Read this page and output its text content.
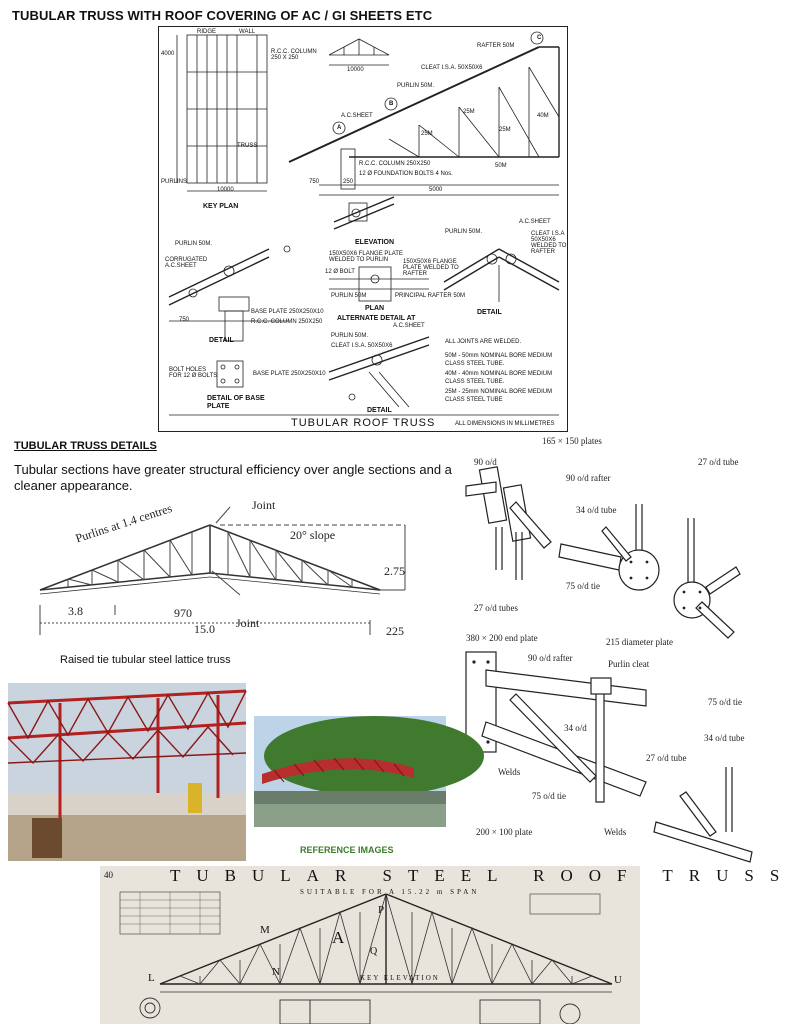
TUBULAR TRUSS WITH ROOF COVERING OF AC / GI SHEETS ETC
RIDGE	WALL
R.C.C. COLUMN 250 X 250
TRUSS
PURLINS
4000
10000
KEY PLAN
10000
C
B
A
RAFTER 50M
CLEAT I.S.A. 50X50X6
PURLIN 50M.
A.C.SHEET
25M
25M
25M
40M
50M
R.C.C. COLUMN 250X250
12 Ø FOUNDATION BOLTS 4 Nos.
750	250
5000
ELEVATION
150X50X6 FLANGE PLATE WELDED TO PURLIN	150X50X6 FLANGE PLATE WELDED TO RAFTER
12 Ø BOLT
PURLIN 50M	PRINCIPAL RAFTER 50M
PLAN
ALTERNATE DETAIL AT
PURLIN 50M.
CORRUGATED A.C.SHEET
BASE PLATE 250X250X10
R.C.C. COLUMN 250X250
750
DETAIL
A.C.SHEET
PURLIN 50M.	CLEAT I.S.A 50X50X6 WELDED TO RAFTER
DETAIL
BOLT HOLES FOR 12 Ø BOLTS	BASE PLATE 250X250X10
DETAIL OF BASE PLATE
PURLIN 50M.
A.C.SHEET
CLEAT I.S.A. 50X50X6
DETAIL
ALL JOINTS ARE WELDED.
50M - 50mm NOMINAL BORE MEDIUM CLASS STEEL TUBE.
40M - 40mm NOMINAL BORE MEDIUM CLASS STEEL TUBE.
25M - 25mm NOMINAL BORE MEDIUM CLASS STEEL TUBE
TUBULAR ROOF TRUSS	ALL DIMENSIONS IN MILLIMETRES
TUBULAR TRUSS DETAILS
Tubular sections have greater structural efficiency over angle sections and a cleaner appearance.
Joint
20° slope
Purlins at 1.4 centres
3.8	970
15.0 Joint
2.75
225
Raised tie tubular steel lattice truss
165 × 150 plates
90 o/d
90 o/d rafter
27 o/d tube
34 o/d tube
75 o/d tie
27 o/d tubes
215 diameter plate
75 o/d tie
380 × 200 end plate
90 o/d rafter
Purlin cleat
34 o/d
34 o/d tube
Welds
27 o/d tube
75 o/d tie
200 × 100 plate	Welds
REFERENCE IMAGES
40	TUBULAR STEEL ROOF TRUSS
SUITABLE FOR A 15.22 m SPAN
KEY ELEVATION
L
M
N
P
Q
A
U
